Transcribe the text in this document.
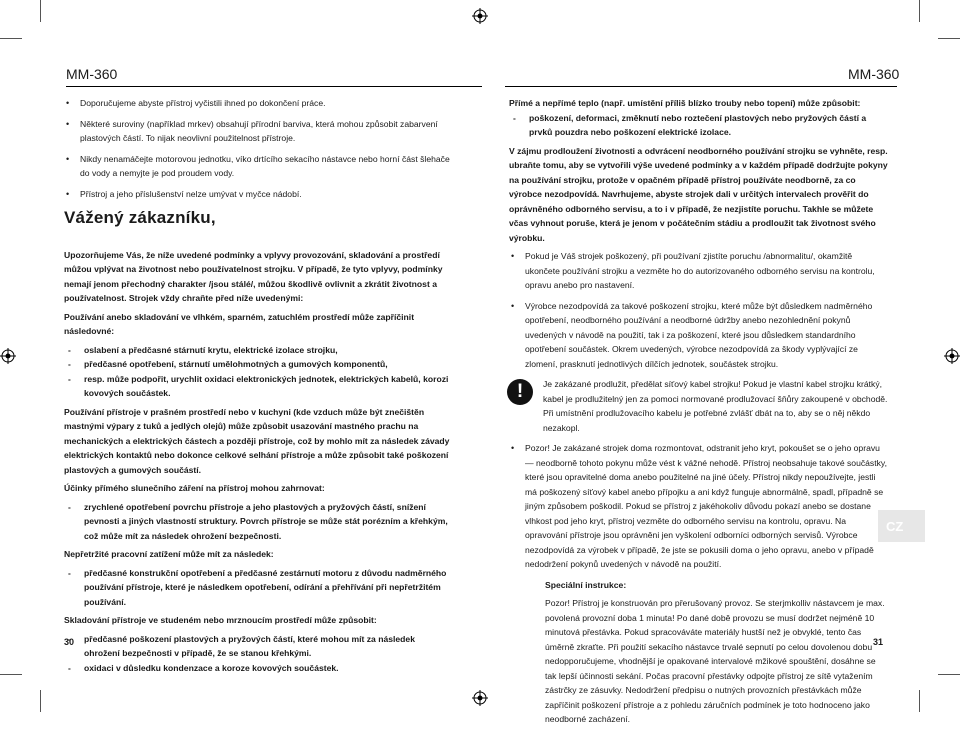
MM-360	MM-360
• Doporučujeme abyste přístroj vyčistili ihned po dokončení práce.
• Některé suroviny (například mrkev) obsahují přírodní barviva, která mohou způsobit zabarvení plastových částí. To nijak neovlivní použitelnost přístroje.
• Nikdy nenamáčejte motorovou jednotku, víko drtícího sekacího nástavce nebo horní část šlehače do vody a nemyjte je pod proudem vody.
• Přístroj a jeho příslušenství nelze umývat v myčce nádobí.
Vážený zákazníku,

Upozorňujeme Vás, že níže uvedené podmínky a vplyvy provozování, skladování a prostředí můžou vplývat na životnost nebo používatelnost strojku. V případě, že tyto vplyvy, podmínky nemají jenom přechodný charakter /jsou stálé/, můžou škodlivě ovlivnit a zkrátit životnost a používatelnost. Strojek vždy chraňte před níže uvedenými:

Používání anebo skladování ve vlhkém, sparném, zatuchlém prostředí může zapříčinit následovné:

- oslabení a předčasné stárnutí krytu, elektrické izolace strojku,
- předčasné opotřebení, stárnutí umělohmotných a gumových komponentů,
- resp. může podpořit, urychlit oxidaci elektronických jednotek, elektrických kabelů, korozi kovových součástek.

Používání přístroje v prašném prostředí nebo v kuchyni (kde vzduch může být znečištěn mastnými výpary z tuků a jedlých olejů) může způsobit usazování mastného prachu na mechanických a elektrických částech a později přístroje, což by mohlo mít za následek závady elektrických kontaktů nebo dokonce celkové selhání přístroje a může způsobit také poškození plastových a gumových součástí.

Účinky přímého slunečního záření na přístroj mohou zahrnovat:

- zrychlené opotřebení povrchu přístroje a jeho plastových a pryžových částí, snížení pevnosti a jiných vlastností struktury. Povrch přístroje se může stát porézním a křehkým, což může mít za následek ohrožení bezpečnosti.

Nepřetržité pracovní zatížení může mít za následek:

- předčasné konstrukční opotřebení a předčasné zestárnutí motoru z důvodu nadměrného používání přístroje, které je následkem opotřebení, odírání a přehřívání při nepřetržitém používání.

Skladování přístroje ve studeném nebo mrznoucím prostředí může způsobit:

- předčasné poškození plastových a pryžových částí, které mohou mít za následek ohrožení bezpečnosti v případě, že se stanou křehkými.
- oxidaci v důsledku kondenzace a koroze kovových součástek.
30

Přímé a nepřímé teplo (např. umístění příliš blízko trouby nebo topení) může způsobit:

- poškození, deformaci, změknutí nebo roztečení plastových nebo pryžových částí a prvků pouzdra nebo poškození elektrické izolace.

V zájmu prodloužení životnosti a odvrácení neodborného používání strojku se vyhněte, resp. ubraňte tomu, aby se vytvořili výše uvedené podmínky a v každém případě dodržujte pokyny na používání strojku, protože v opačném případě přístroj používáte neodborně, za co výrobce nezodpovídá. Navrhujeme, abyste strojek dali v určitých intervalech prověřit do oprávněného odborného servisu, a to i v případě, že nezjistíte poruchu. Takhle se můžete včas vyhnout poruše, která je jenom v počátečním stádiu a prodloužit tak životnost svého výrobku.

• Pokud je Váš strojek poškozený, při používaní zjistíte poruchu /abnormalitu/, okamžitě ukončete používání strojku a vezměte ho do autorizovaného odborného servisu na kontrolu, opravu anebo pro nastavení.
• Výrobce nezodpovídá za takové poškození strojku, které může být důsledkem nadměrného opotřebení, neodborného používání a neodborné údržby anebo nezohlednění pokynů uvedených v návodě na použití, tak i za poškození, které jsou důsledkem standardního opotřebení součástek. Okrem uvedených, výrobce nezodpovídá za škody vyplývající ze zlomení, prasknutí jednotlivých dílčích jednotek, součástek strojku.
!	Je zakázané prodlužit, předělat síťový kabel strojku! Pokud je vlastní kabel strojku krátký, kabel je prodlužitelný jen za pomoci normované prodlužovací šňůry zakoupené v obchodě. Při umístnění prodlužovacího kabelu je potřebné zvlášť dbát na to, aby se o něj někdo nezakopl.
• Pozor! Je zakázané strojek doma rozmontovat, odstranit jeho kryt, pokoušet se o jeho opravu — neodborně tohoto pokynu může vést k vážné nehodě. Přístroj neobsahuje takové součástky, které jsou opravitelné doma anebo použitelné na jiné účely. Přístroj nikdy nepoužívejte, jestli má poškozený síťový kabel anebo přípojku a ani když funguje abnormálně, spadl, případně se jiným způsobem poškodil. Pokud se přístroj z jakéhokoliv důvodu pokazí anebo se dostane vlhkost pod jeho kryt, přístroj vezměte do odborného servisu na kontrolu, opravu. Na opravování přístroje jsou oprávněni jen vyškolení odborníci odborných servisů. Výrobce nezodpovídá za výrobek v případě, že jste se pokusili doma o jeho opravu, anebo v případě nedodržení pokynů uvedených v návodě na použití.

Speciální instrukce:

Pozor! Přístroj je konstruován pro přerušovaný provoz. Se sterjmkolliv nástavcem je max. povolená provozní doba 1 minuta! Po dané době provozu se musí dodržet nejméně 10 minutová přestávka. Pokud spracováváte materiály hustší než je obvyklé, tento čas úměrně zkraťte. Při použití sekacího nástavce trvalé sepnutí po celou dovolenou dobu nedopporučujeme, vhodnější je opakované intervalové mžikové spouštění, dosáhne se tak lepší účinnosti sekání. Počas pracovní přestávky odpojte přístroj ze sítě vytažením zástrčky ze zásuvky. Nedodržení předpisu o nutných provozních přestávkách může zapříčinit poškození přístroje a z pohledu záručních podmínek je toto hodnoceno jako neodborné zacházení.

CZ
31
